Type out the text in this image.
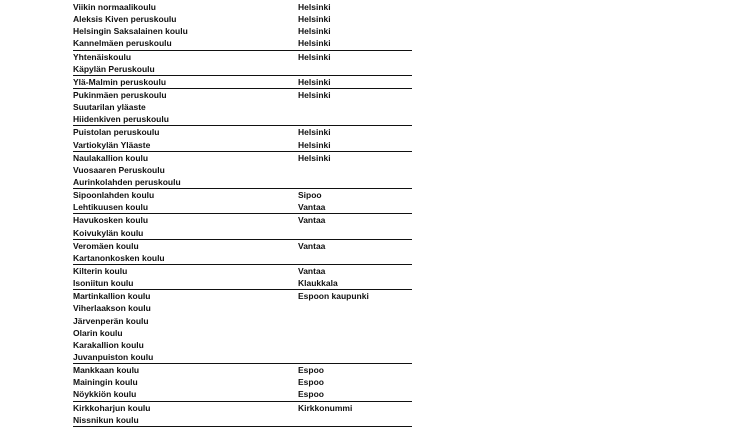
Viikin normaalikoulu	Helsinki
Aleksis Kiven peruskoulu	Helsinki
Helsingin Saksalainen koulu	Helsinki
Kannelmäen peruskoulu	Helsinki
Yhtenäiskoulu	Helsinki
Käpylän Peruskoulu
Ylä-Malmin peruskoulu	Helsinki
Pukinmäen peruskoulu	Helsinki
Suutarilan yläaste
Hiidenkiven peruskoulu
Puistolan peruskoulu	Helsinki
Vartiokylän Yläaste	Helsinki
Naulakallion koulu	Helsinki
Vuosaaren Peruskoulu
Aurinkolahden peruskoulu
Sipoonlahden koulu	Sipoo
Lehtikuusen koulu	Vantaa
Havukosken koulu	Vantaa
Koivukylän koulu
Veromäen koulu	Vantaa
Kartanonkosken koulu
Kilterin koulu	Vantaa
Isoniitun koulu	Klaukkala
Martinkallion koulu	Espoon kaupunki
Viherlaakson koulu
Järvenperän koulu
Olarin koulu
Karakallion koulu
Juvanpuiston koulu
Mankkaan koulu	Espoo
Mainingin koulu	Espoo
Nöykkiön koulu	Espoo
Kirkkoharjun koulu	Kirkkonummi
Nissnikun koulu
